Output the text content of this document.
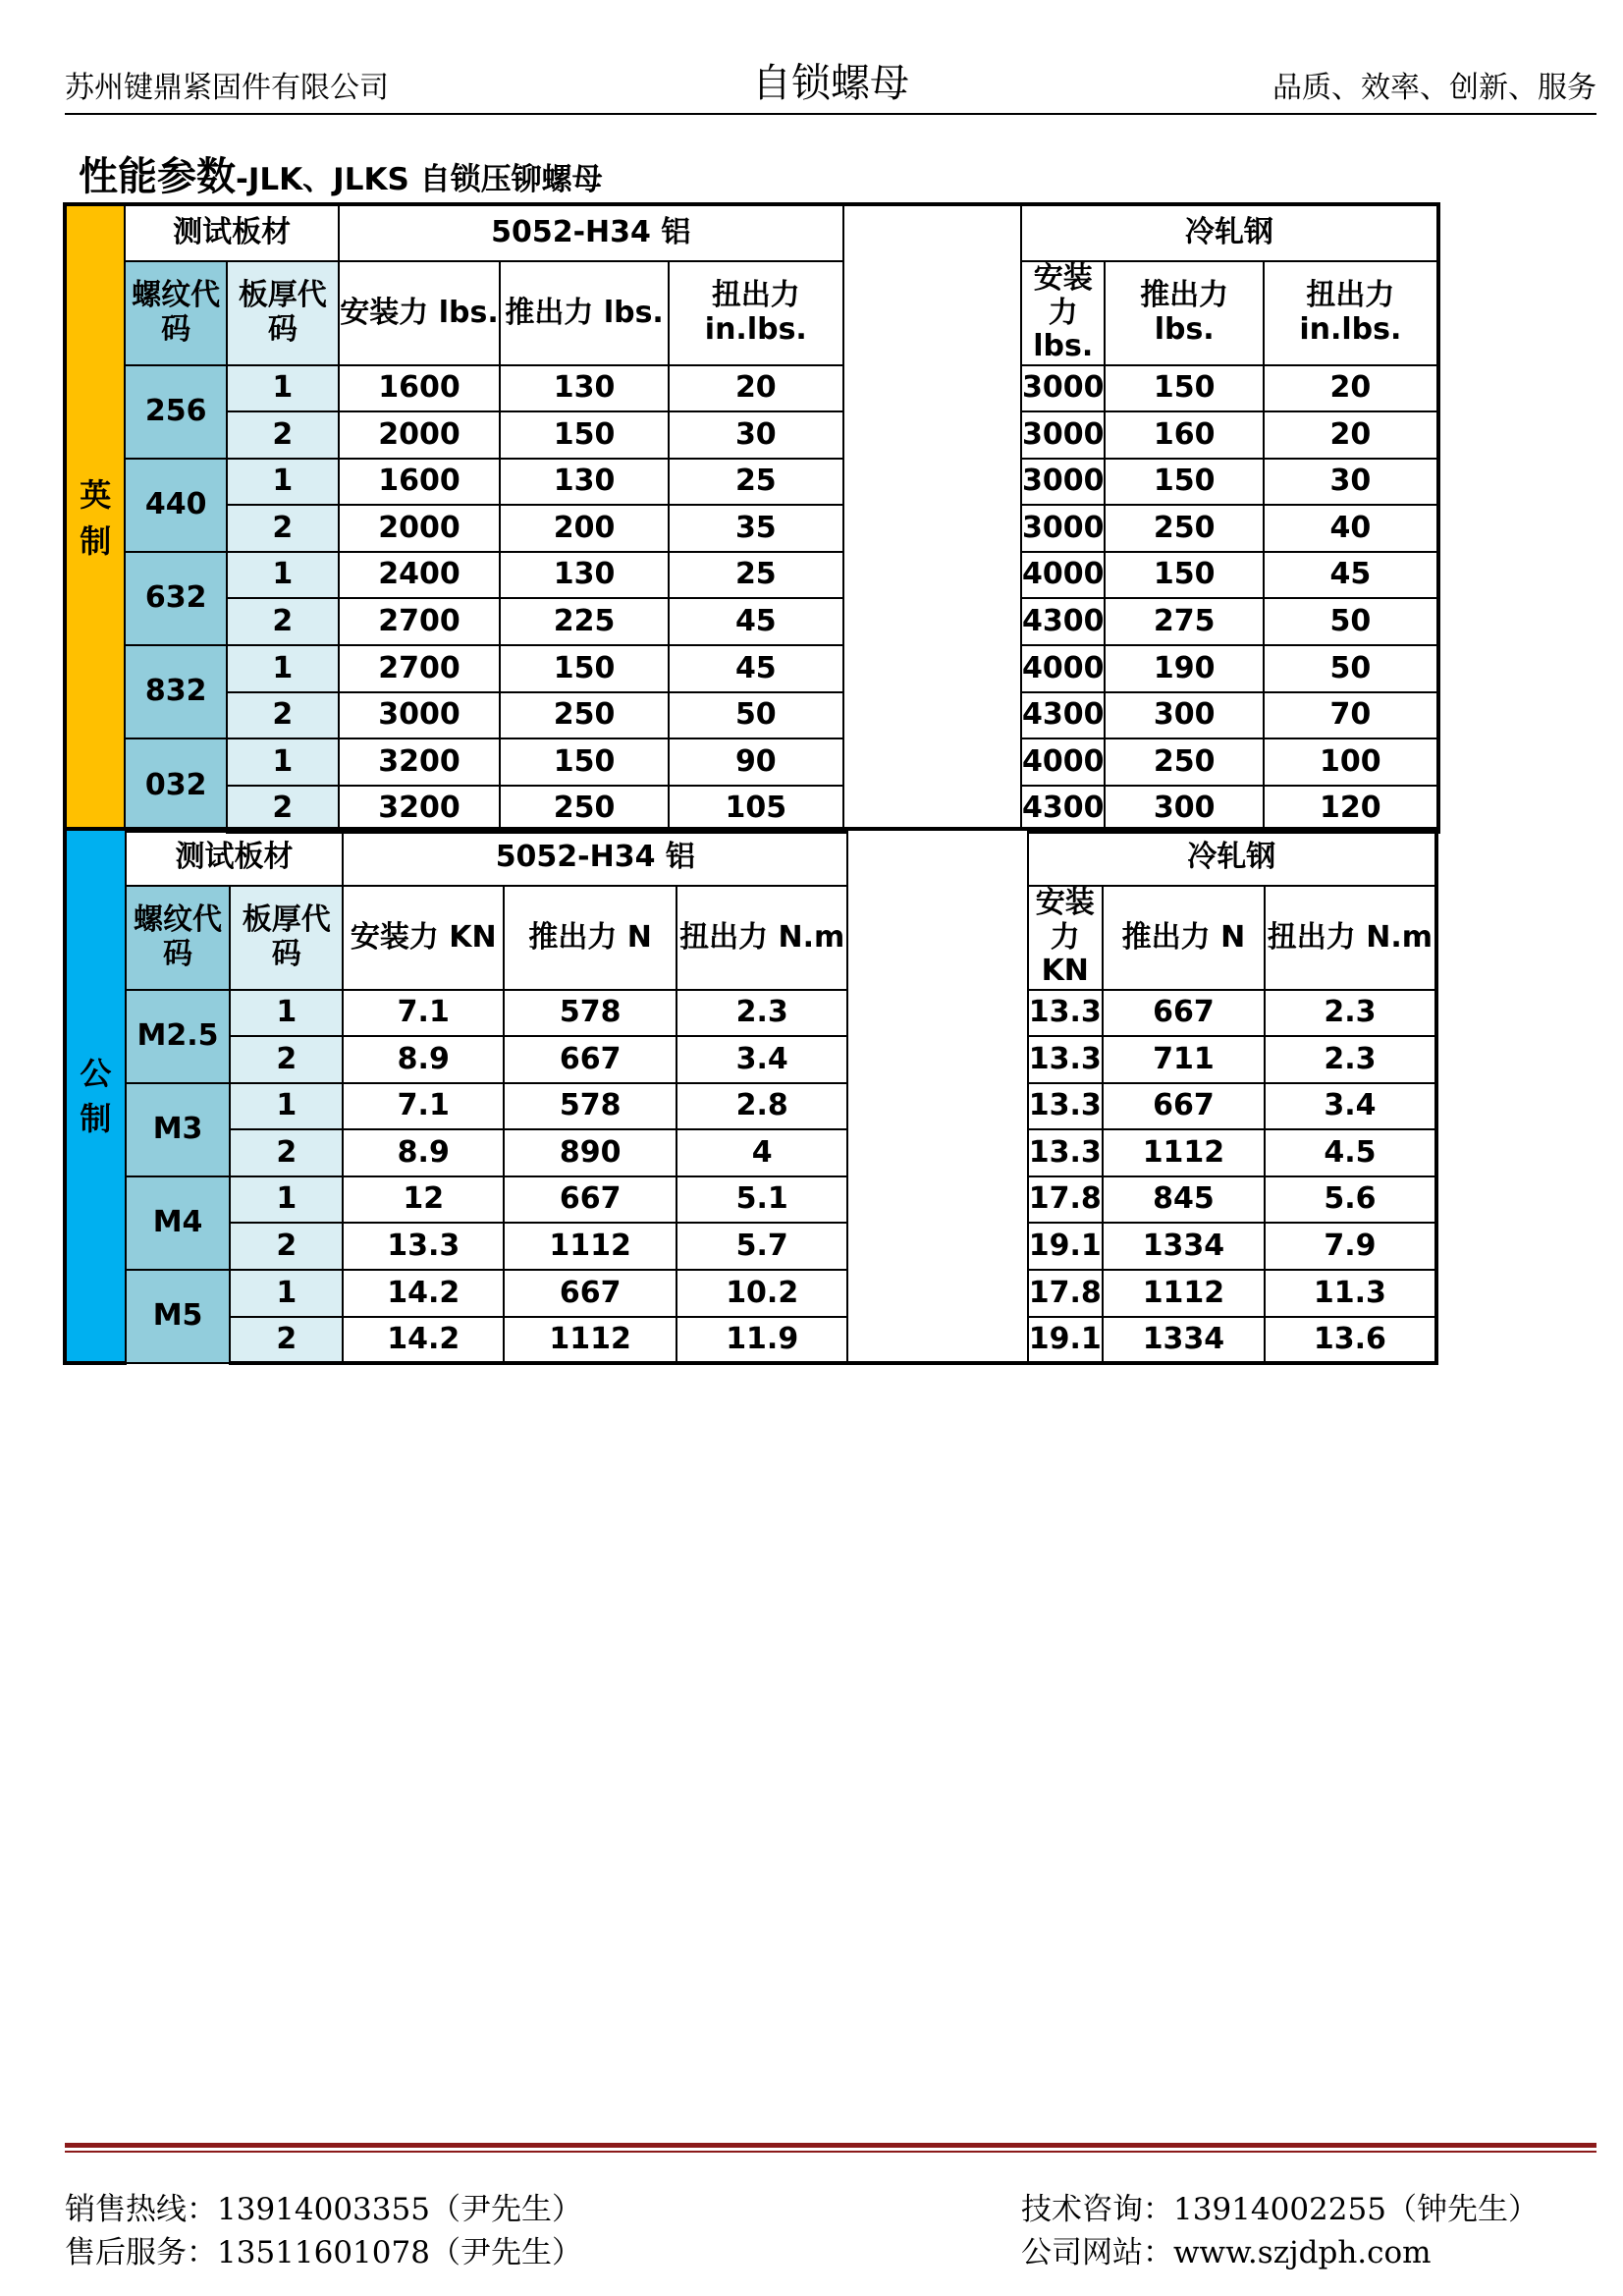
苏州键鼎紧固件有限公司	自锁螺母	品质、效率、创新、服务
性能参数-JLK、JLKS 自锁压铆螺母
英制	测试板材		5052-H34 铝				冷轧钢		
	螺纹代码	板厚代码	安装力 lbs.	推出力 lbs.	扭出力 in.lbs.		安装力 lbs.	推出力 lbs.	扭出力 in.lbs.
	256	1	1600	130	20		3000	150	20
		2	2000	150	30		3000	160	20
	440	1	1600	130	25		3000	150	30
		2	2000	200	35		3000	250	40
	632	1	2400	130	25		4000	150	45
		2	2700	225	45		4300	275	50
	832	1	2700	150	45		4000	190	50
		2	3000	250	50		4300	300	70
	032	1	3200	150	90		4000	250	100
		2	3200	250	105		4300	300	120
公制	测试板材		5052-H34 铝				冷轧钢		
	螺纹代码	板厚代码	安装力 KN	推出力 N	扭出力 N.m		安装力 KN	推出力 N	扭出力 N.m
	M2.5	1	7.1	578	2.3		13.3	667	2.3
		2	8.9	667	3.4		13.3	711	2.3
	M3	1	7.1	578	2.8		13.3	667	3.4
		2	8.9	890	4		13.3	1112	4.5
	M4	1	12	667	5.1		17.8	845	5.6
		2	13.3	1112	5.7		19.1	1334	7.9
	M5	1	14.2	667	10.2		17.8	1112	11.3
		2	14.2	1112	11.9		19.1	1334	13.6
销售热线：13914003355（尹先生）
售后服务：13511601078（尹先生）
技术咨询：13914002255（钟先生）
公司网站：www.szjdph.com
